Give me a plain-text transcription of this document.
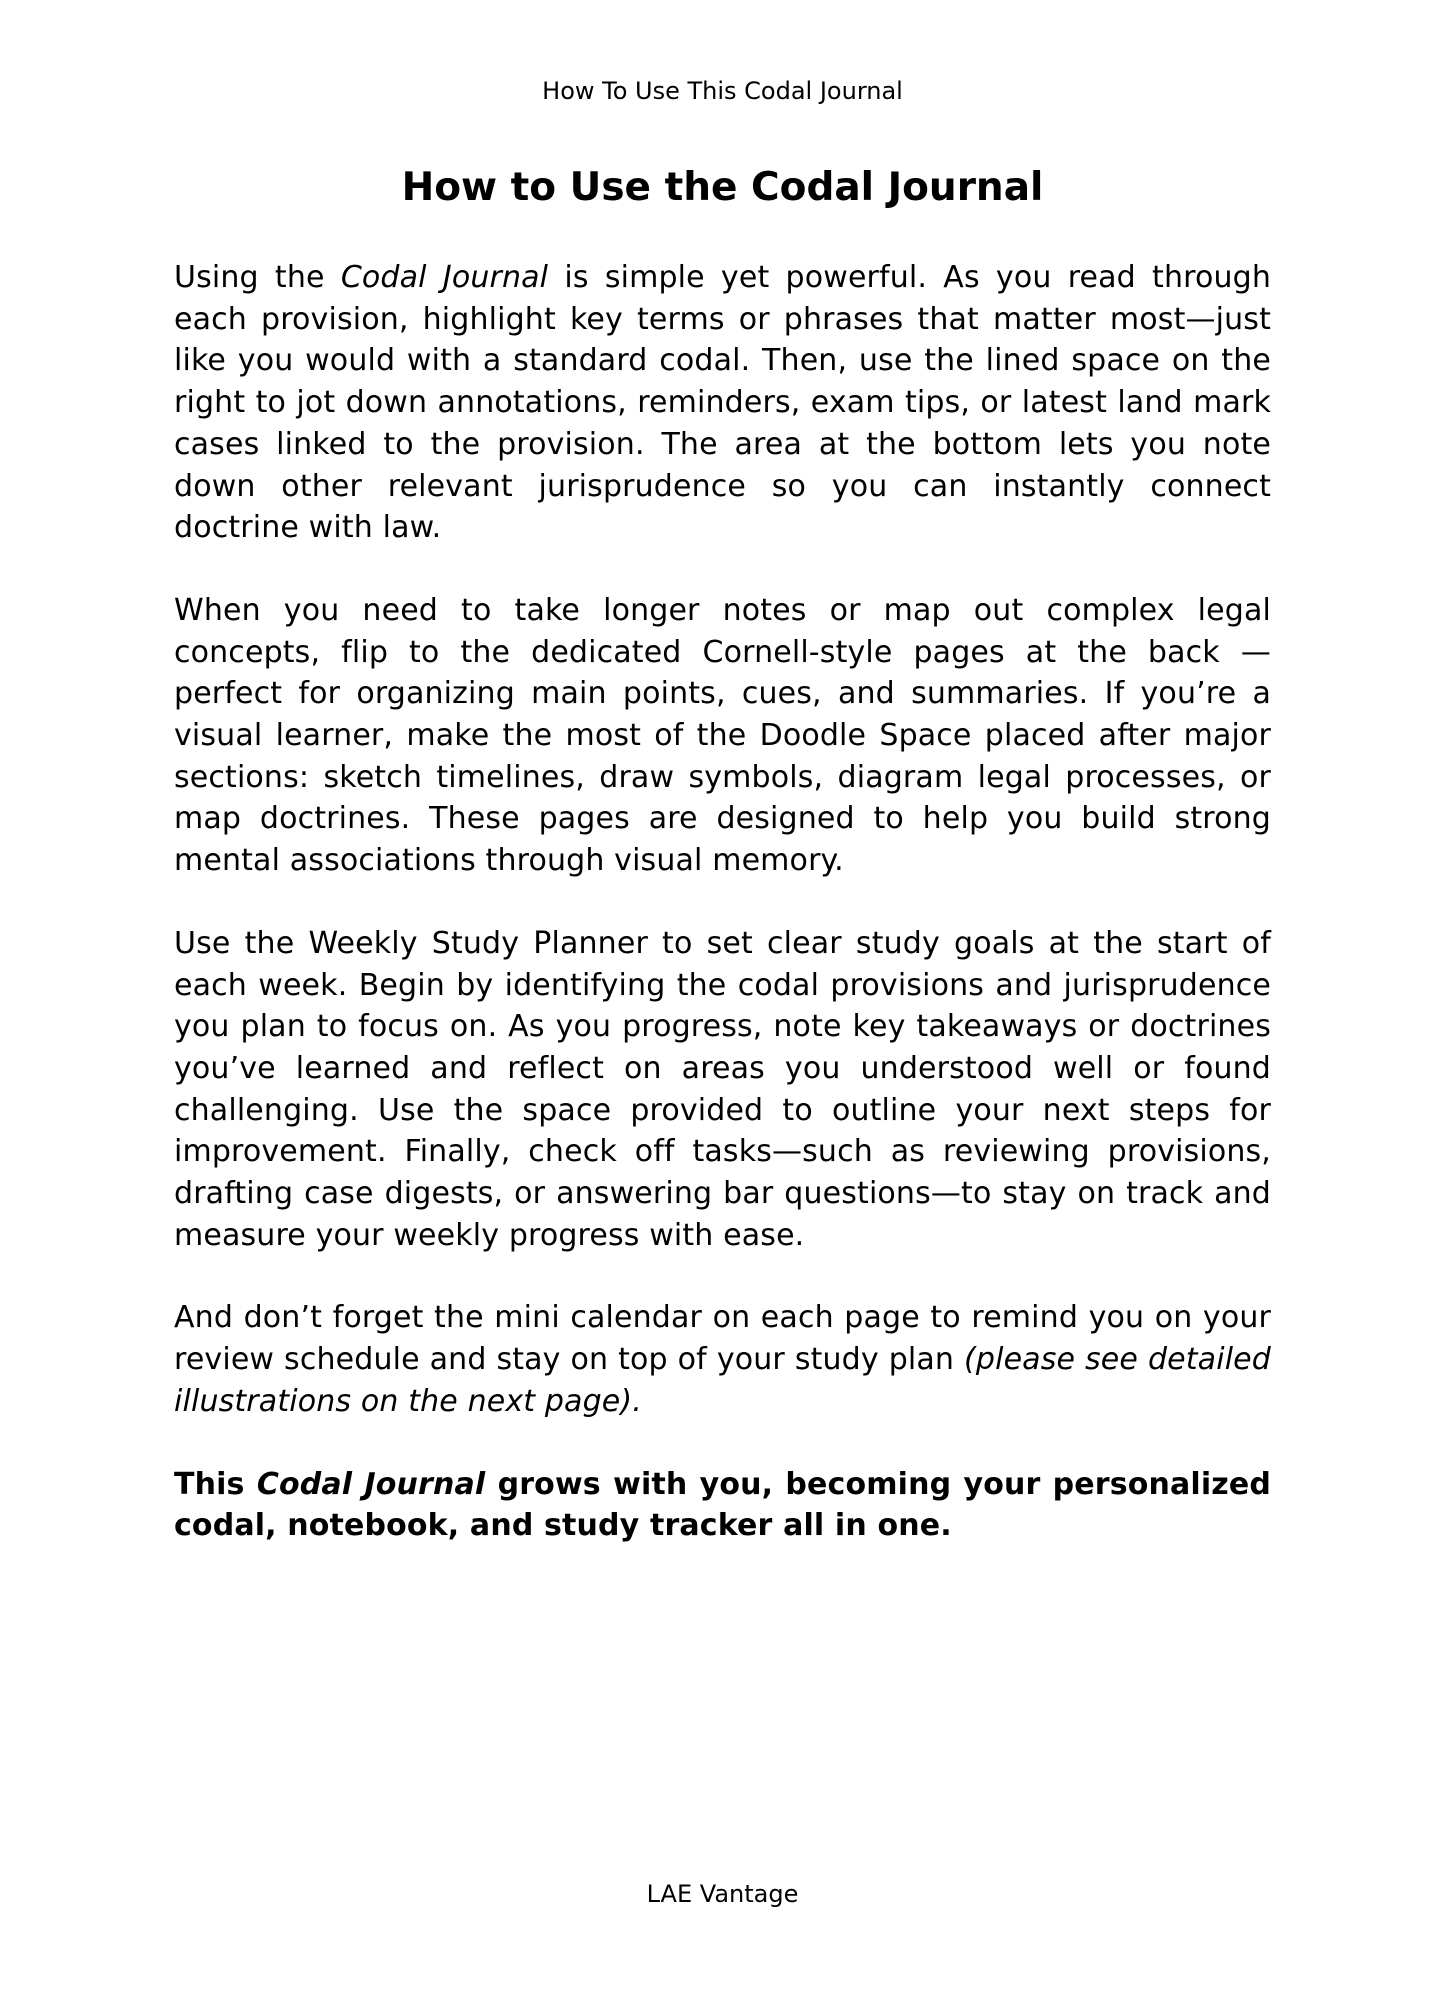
How To Use This Codal Journal
How to Use the Codal Journal

Using the Codal Journal is simple yet powerful. As you read through each provision, highlight key terms or phrases that matter most—just like you would with a standard codal. Then, use the lined space on the right to jot down annotations, reminders, exam tips, or latest land mark cases linked to the provision. The area at the bottom lets you note down other relevant jurisprudence so you can instantly connect doctrine with law.

When you need to take longer notes or map out complex legal concepts, flip to the dedicated Cornell-style pages at the back — perfect for organizing main points, cues, and summaries. If you’re a visual learner, make the most of the Doodle Space placed after major sections: sketch timelines, draw symbols, diagram legal processes, or map doctrines. These pages are designed to help you build strong mental associations through visual memory.

Use the Weekly Study Planner to set clear study goals at the start of each week. Begin by identifying the codal provisions and jurisprudence you plan to focus on. As you progress, note key takeaways or doctrines you’ve learned and reflect on areas you understood well or found challenging. Use the space provided to outline your next steps for improvement. Finally, check off tasks—such as reviewing provisions, drafting case digests, or answering bar questions—to stay on track and measure your weekly progress with ease.

And don’t forget the mini calendar on each page to remind you on your review schedule and stay on top of your study plan (please see detailed illustrations on the next page).

This Codal Journal grows with you, becoming your personalized codal, notebook, and study tracker all in one.

LAE Vantage
